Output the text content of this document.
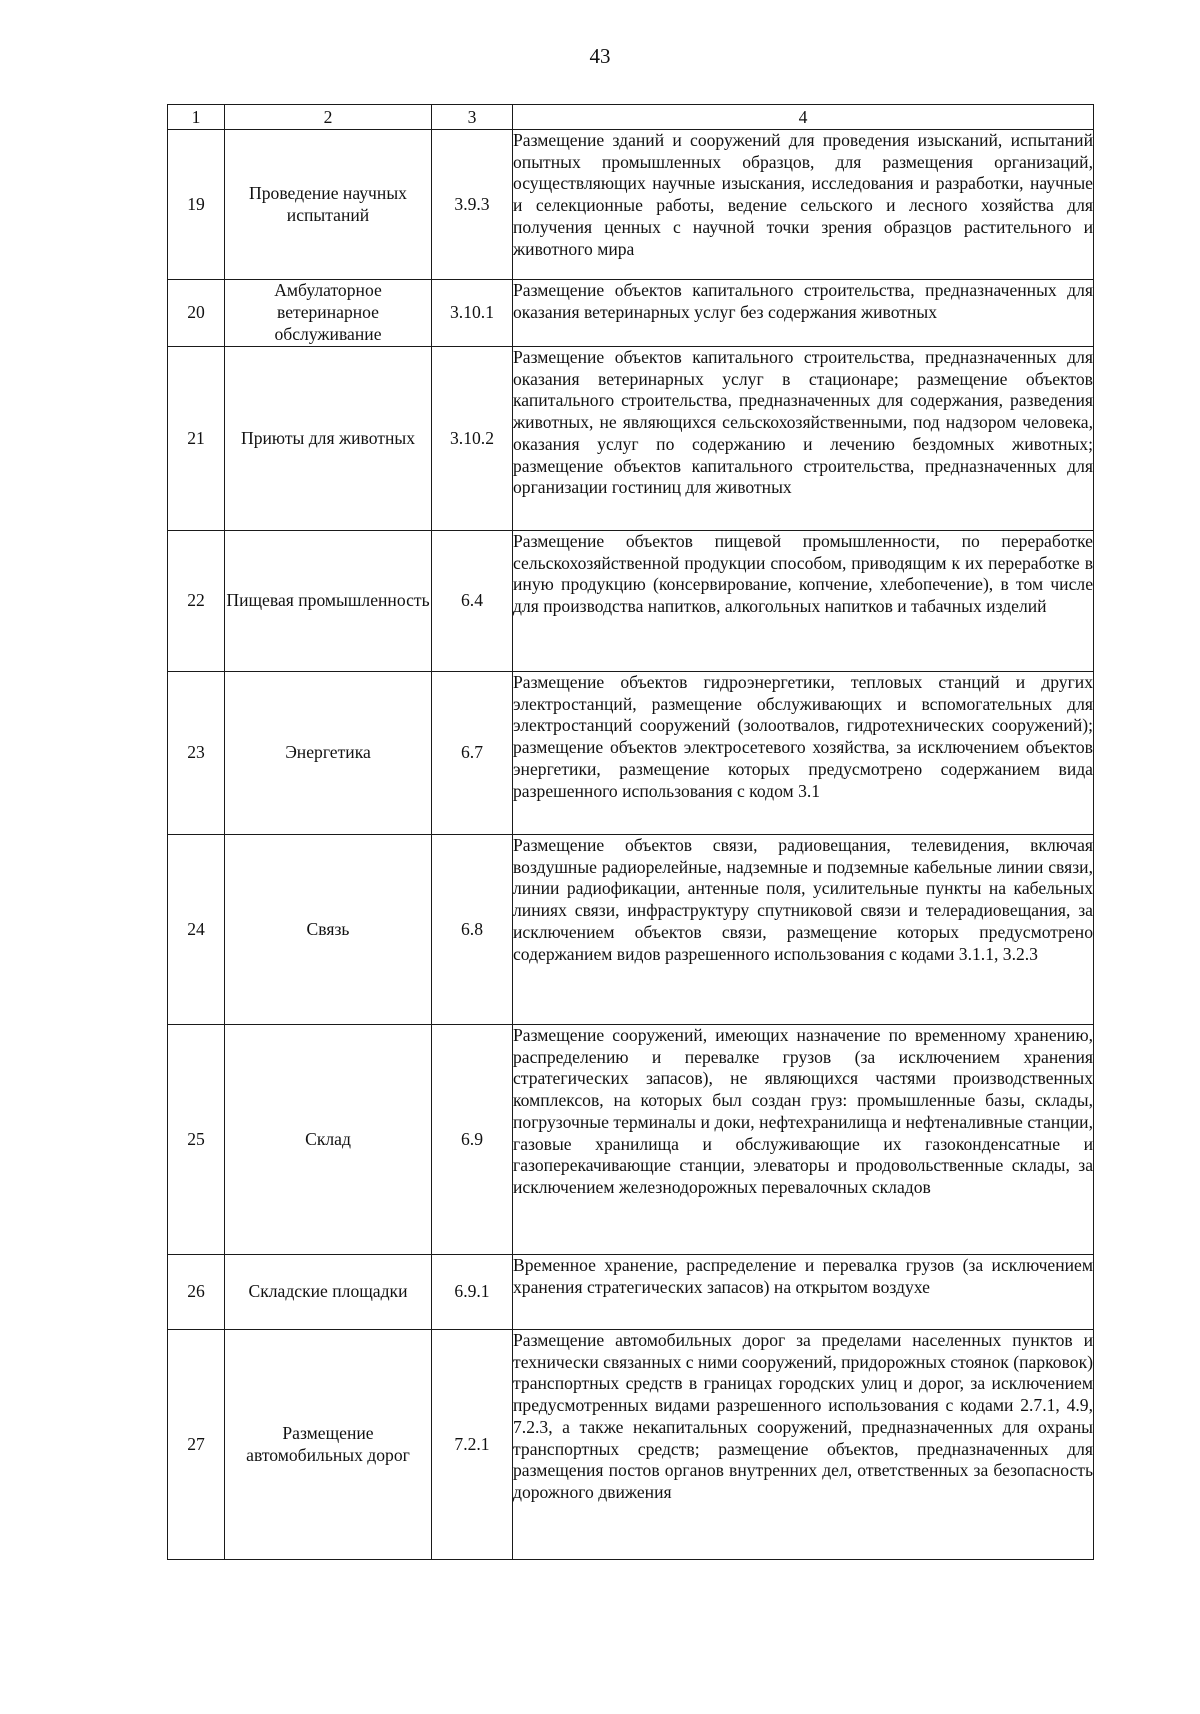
43
1	2	3	4
19	Проведение научных испытаний	3.9.3	Размещение зданий и сооружений для проведения изысканий, испытаний опытных промышленных образцов, для размещения организаций, осуществляющих научные изыскания, исследования и разработки, научные и селекционные работы, ведение сельского и лесного хозяйства для получения ценных с научной точки зрения образцов растительного и животного мира
20	Амбулаторное ветеринарное обслуживание	3.10.1	Размещение объектов капитального строительства, предназначенных для оказания ветеринарных услуг без содержания животных
21	Приюты для животных	3.10.2	Размещение объектов капитального строительства, предназначенных для оказания ветеринарных услуг в стационаре; размещение объектов капитального строительства, предназначенных для содержания, разведения животных, не являющихся сельскохозяйственными, под надзором человека, оказания услуг по содержанию и лечению бездомных животных; размещение объектов капитального строительства, предназначенных для организации гостиниц для животных
22	Пищевая промышленность	6.4	Размещение объектов пищевой промышленности, по переработке сельскохозяйственной продукции способом, приводящим к их переработке в иную продукцию (консервирование, копчение, хлебопечение), в том числе для производства напитков, алкогольных напитков и табачных изделий
23	Энергетика	6.7	Размещение объектов гидроэнергетики, тепловых станций и других электростанций, размещение обслуживающих и вспомогательных для электростанций сооружений (золоотвалов, гидротехнических сооружений); размещение объектов электросетевого хозяйства, за исключением объектов энергетики, размещение которых предусмотрено содержанием вида разрешенного использования с кодом 3.1
24	Связь	6.8	Размещение объектов связи, радиовещания, телевидения, включая воздушные радиорелейные, надземные и подземные кабельные линии связи, линии радиофикации, антенные поля, усилительные пункты на кабельных линиях связи, инфраструктуру спутниковой связи и телерадиовещания, за исключением объектов связи, размещение которых предусмотрено содержанием видов разрешенного использования с кодами 3.1.1, 3.2.3
25	Склад	6.9	Размещение сооружений, имеющих назначение по временному хранению, распределению и перевалке грузов (за исключением хранения стратегических запасов), не являющихся частями производственных комплексов, на которых был создан груз: промышленные базы, склады, погрузочные терминалы и доки, нефтехранилища и нефтеналивные станции, газовые хранилища и обслуживающие их газоконденсатные и газоперекачивающие станции, элеваторы и продовольственные склады, за исключением железнодорожных перевалочных складов
26	Складские площадки	6.9.1	Временное хранение, распределение и перевалка грузов (за исключением хранения стратегических запасов) на открытом воздухе
27	Размещение автомобильных дорог	7.2.1	Размещение автомобильных дорог за пределами населенных пунктов и технически связанных с ними сооружений, придорожных стоянок (парковок) транспортных средств в границах городских улиц и дорог, за исключением предусмотренных видами разрешенного использования с кодами 2.7.1, 4.9, 7.2.3, а также некапитальных сооружений, предназначенных для охраны транспортных средств; размещение объектов, предназначенных для размещения постов органов внутренних дел, ответственных за безопасность дорожного движения
